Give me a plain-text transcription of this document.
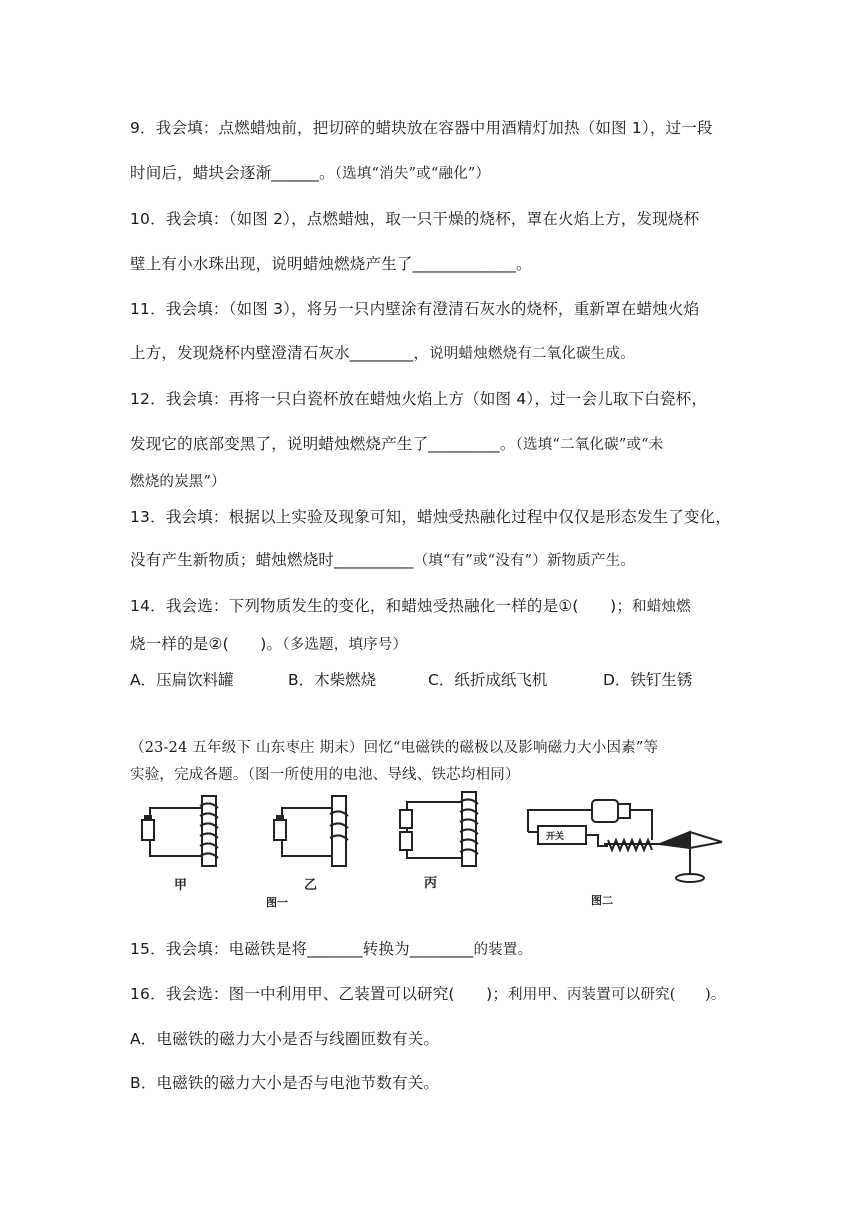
9．我会填：点燃蜡烛前，把切碎的蜡块放在容器中用酒精灯加热（如图 1），过一段
时间后，蜡块会逐渐______。（选填“消失”或“融化”）
10．我会填：（如图 2），点燃蜡烛，取一只干燥的烧杯，罩在火焰上方，发现烧杯
壁上有小水珠出现，说明蜡烛燃烧产生了_____________。
11．我会填：（如图 3），将另一只内壁涂有澄清石灰水的烧杯，重新罩在蜡烛火焰
上方，发现烧杯内壁澄清石灰水________，说明蜡烛燃烧有二氧化碳生成。
12．我会填：再将一只白瓷杯放在蜡烛火焰上方（如图 4），过一会儿取下白瓷杯，
发现它的底部变黑了，说明蜡烛燃烧产生了_________。（选填“二氧化碳”或“未
燃烧的炭黑”）
13．我会填：根据以上实验及现象可知，蜡烛受热融化过程中仅仅是形态发生了变化，
没有产生新物质；蜡烛燃烧时__________（填“有”或“没有”）新物质产生。
14．我会选：下列物质发生的变化，和蜡烛受热融化一样的是①(　　)；和蜡烛燃
烧一样的是②(　　)。（多选题，填序号）
A．压扁饮料罐	B．木柴燃烧	C．纸折成纸飞机	D．铁钉生锈
（23-24 五年级下 山东枣庄 期末）回忆“电磁铁的磁极以及影响磁力大小因素”等
实验，完成各题。（图一所使用的电池、导线、铁芯均相同）
甲	乙	丙
图一
开关
图二
15．我会填：电磁铁是将_______转换为________的装置。
16．我会选：图一中利用甲、乙装置可以研究(　　)；利用甲、丙装置可以研究(　　)。
A．电磁铁的磁力大小是否与线圈匝数有关。
B．电磁铁的磁力大小是否与电池节数有关。
